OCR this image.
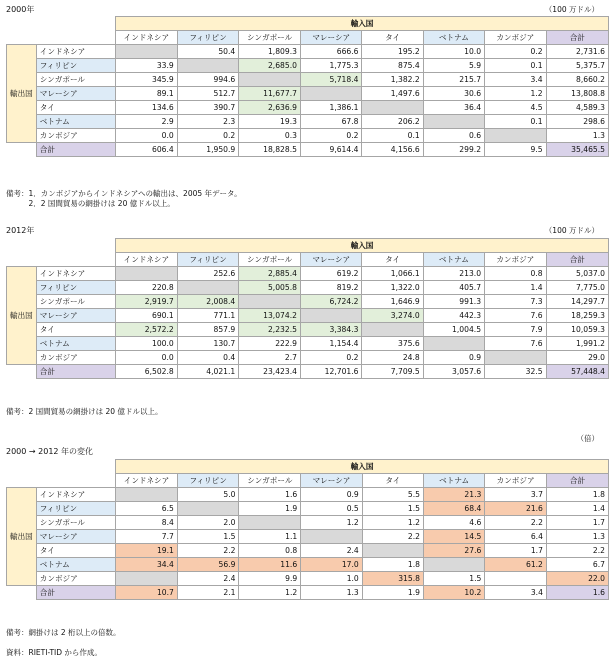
2000年	（100 万ドル）
		輸入国							
		インドネシア	フィリピン	シンガポール	マレーシア	タイ	ベトナム	カンボジア	合計
輸出国	インドネシア		50.4	1,809.3	666.6	195.2	10.0	0.2	2,731.6
	フィリピン	33.9		2,685.0	1,775.3	875.4	5.9	0.1	5,375.7
	シンガポール	345.9	994.6		5,718.4	1,382.2	215.7	3.4	8,660.2
	マレーシア	89.1	512.7	11,677.7		1,497.6	30.6	1.2	13,808.8
	タイ	134.6	390.7	2,636.9	1,386.1		36.4	4.5	4,589.3
	ベトナム	2.9	2.3	19.3	67.8	206.2		0.1	298.6
	カンボジア	0.0	0.2	0.3	0.2	0.1	0.6		1.3
	合計	606.4	1,950.9	18,828.5	9,614.4	4,156.6	299.2	9.5	35,465.5
備考：1．カンボジアからインドネシアへの輸出は、2005 年データ。
　　　2．2 国間貿易の網掛けは 20 億ドル以上。
2012年	（100 万ドル）
		輸入国							
		インドネシア	フィリピン	シンガポール	マレーシア	タイ	ベトナム	カンボジア	合計
輸出国	インドネシア		252.6	2,885.4	619.2	1,066.1	213.0	0.8	5,037.0
	フィリピン	220.8		5,005.8	819.2	1,322.0	405.7	1.4	7,775.0
	シンガポール	2,919.7	2,008.4		6,724.2	1,646.9	991.3	7.3	14,297.7
	マレーシア	690.1	771.1	13,074.2		3,274.0	442.3	7.6	18,259.3
	タイ	2,572.2	857.9	2,232.5	3,384.3		1,004.5	7.9	10,059.3
	ベトナム	100.0	130.7	222.9	1,154.4	375.6		7.6	1,991.2
	カンボジア	0.0	0.4	2.7	0.2	24.8	0.9		29.0
	合計	6,502.8	4,021.1	23,423.4	12,701.6	7,709.5	3,057.6	32.5	57,448.4
備考：2 国間貿易の網掛けは 20 億ドル以上。
（倍）
2000 → 2012 年の変化
		輸入国							
		インドネシア	フィリピン	シンガポール	マレーシア	タイ	ベトナム	カンボジア	合計
輸出国	インドネシア		5.0	1.6	0.9	5.5	21.3	3.7	1.8
	フィリピン	6.5		1.9	0.5	1.5	68.4	21.6	1.4
	シンガポール	8.4	2.0		1.2	1.2	4.6	2.2	1.7
	マレーシア	7.7	1.5	1.1		2.2	14.5	6.4	1.3
	タイ	19.1	2.2	0.8	2.4		27.6	1.7	2.2
	ベトナム	34.4	56.9	11.6	17.0	1.8		61.2	6.7
	カンボジア		2.4	9.9	1.0	315.8	1.5		22.0
	合計	10.7	2.1	1.2	1.3	1.9	10.2	3.4	1.6
備考：網掛けは 2 桁以上の倍数。
資料：RIETI-TID から作成。
